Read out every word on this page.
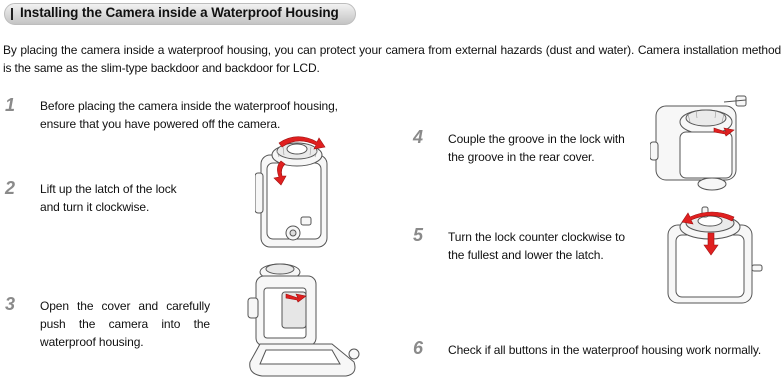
Installing the Camera inside a Waterproof Housing
By placing the camera inside a waterproof housing, you can protect your camera from external hazards (dust and water). Camera installation method is the same as the slim-type backdoor and backdoor for LCD.
1 Before placing the camera inside the waterproof housing, ensure that you have powered off the camera.
2 Lift up the latch of the lock and turn it clockwise.
3 Open the cover and carefully push the camera into the waterproof housing.
4 Couple the groove in the lock with the groove in the rear cover.
5 Turn the lock counter clockwise to the fullest and lower the latch.
6 Check if all buttons in the waterproof housing work normally.
